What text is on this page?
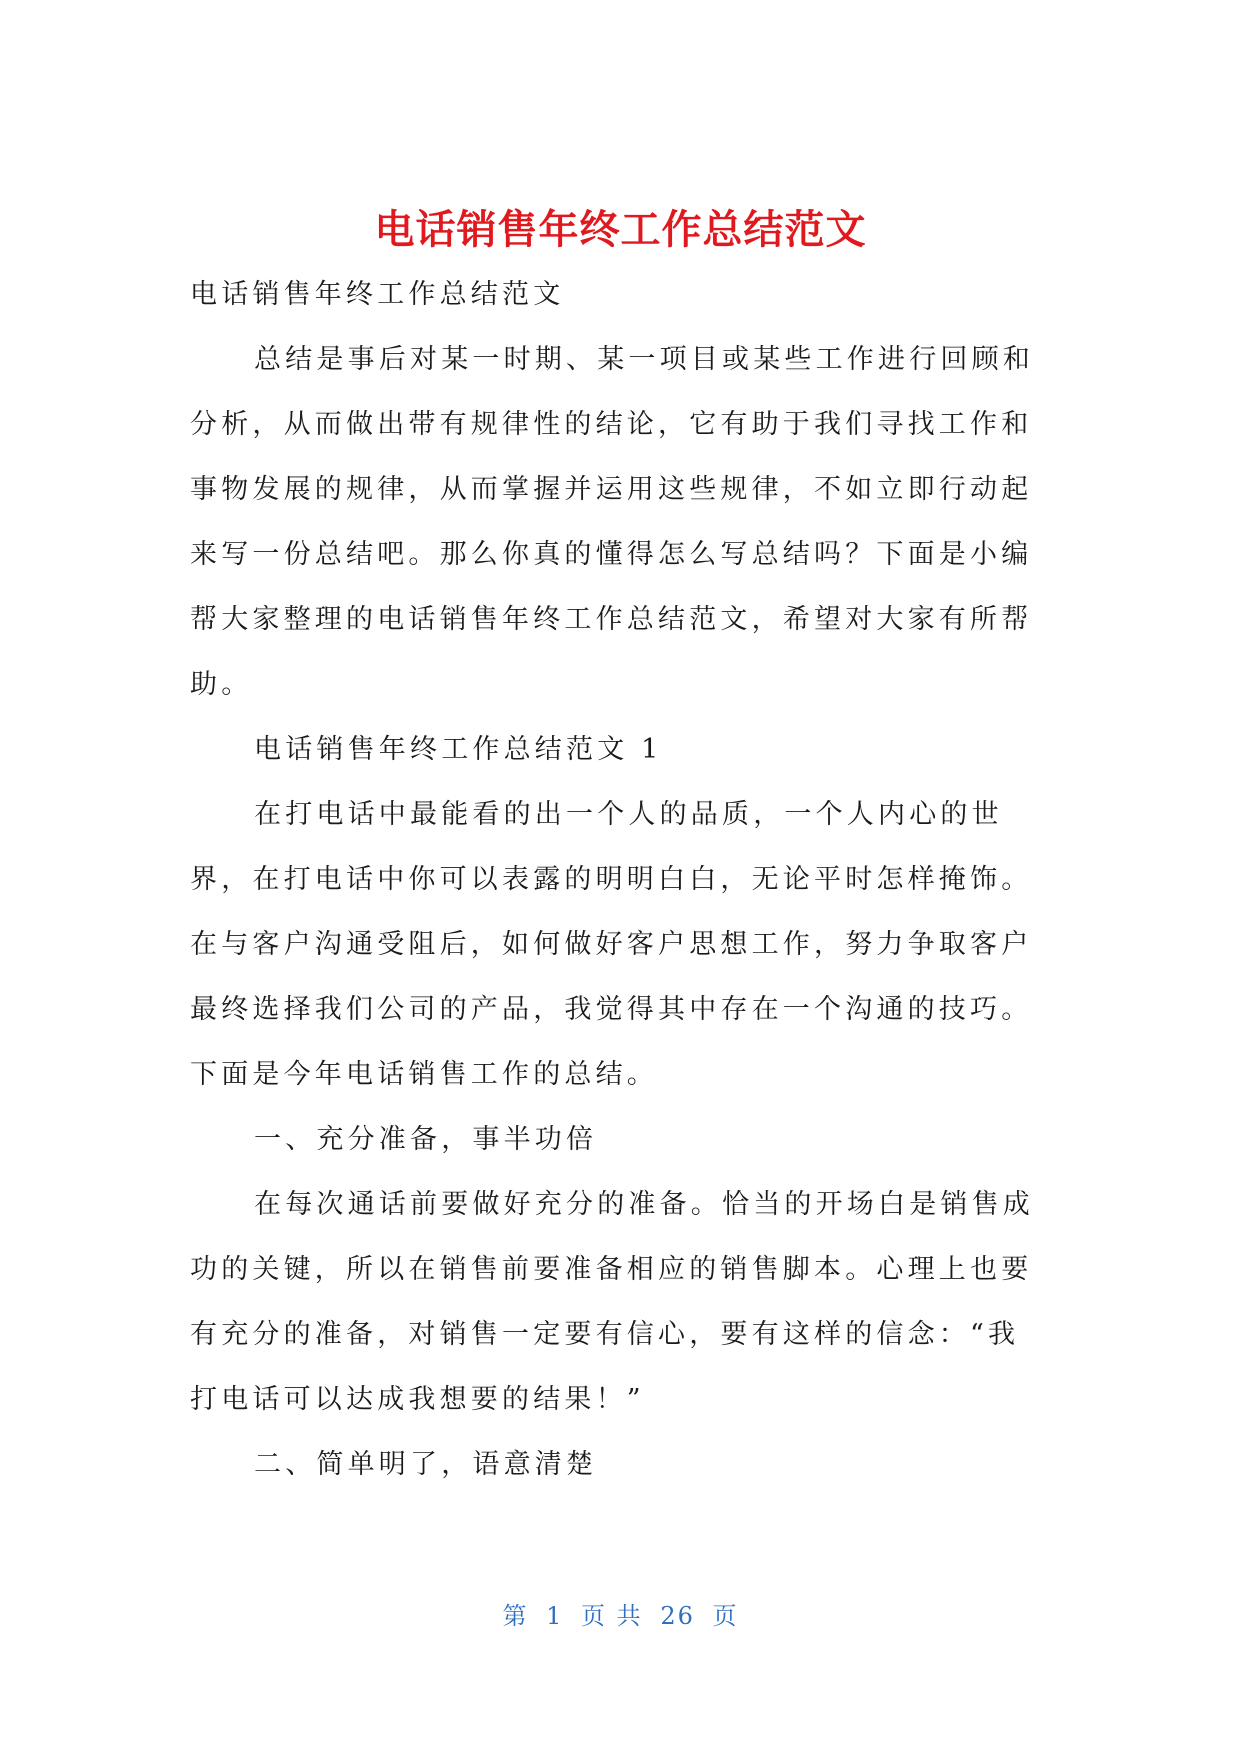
电话销售年终工作总结范文

电话销售年终工作总结范文

总结是事后对某一时期、某一项目或某些工作进行回顾和

分析，从而做出带有规律性的结论，它有助于我们寻找工作和

事物发展的规律，从而掌握并运用这些规律，不如立即行动起

来写一份总结吧。那么你真的懂得怎么写总结吗？下面是小编

帮大家整理的电话销售年终工作总结范文，希望对大家有所帮

助。

电话销售年终工作总结范文 1

在打电话中最能看的出一个人的品质，一个人内心的世

界，在打电话中你可以表露的明明白白，无论平时怎样掩饰。

在与客户沟通受阻后，如何做好客户思想工作，努力争取客户

最终选择我们公司的产品，我觉得其中存在一个沟通的技巧。

下面是今年电话销售工作的总结。

一、充分准备，事半功倍

在每次通话前要做好充分的准备。恰当的开场白是销售成

功的关键，所以在销售前要准备相应的销售脚本。心理上也要

有充分的准备，对销售一定要有信心，要有这样的信念：“我

打电话可以达成我想要的结果！”

二、简单明了，语意清楚

第 1 页 共 26 页
